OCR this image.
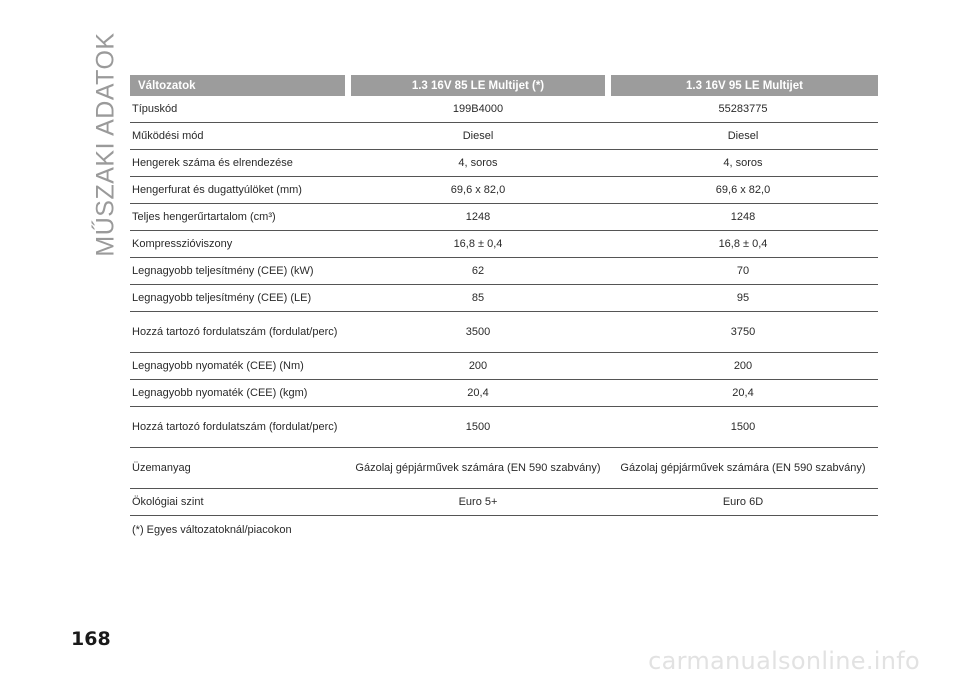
MŰSZAKI ADATOK Változatok	1.3 16V 85 LE Multijet (*)	1.3 16V 95 LE Multijet
Típuskód	199B4000	55283775
Működési mód	Diesel	Diesel
Hengerek száma és elrendezése	4, soros	4, soros
Hengerfurat és dugattyúlöket (mm)	69,6 x 82,0	69,6 x 82,0
Teljes hengerűrtartalom (cm³)	1248	1248
Kompresszióviszony	16,8 ± 0,4	16,8 ± 0,4
Legnagyobb teljesítmény (CEE) (kW)	62	70
Legnagyobb teljesítmény (CEE) (LE)	85	95
Hozzá tartozó fordulatszám (fordulat/perc)	3500	3750
Legnagyobb nyomaték (CEE) (Nm)	200	200
Legnagyobb nyomaték (CEE) (kgm)	20,4	20,4
Hozzá tartozó fordulatszám (fordulat/perc)	1500	1500
Üzemanyag	Gázolaj gépjárművek számára (EN 590 szabvány)	Gázolaj gépjárművek számára (EN 590 szabvány)
Ökológiai szint	Euro 5+	Euro 6D
(*) Egyes változatoknál/piacokon
168
carmanualsonline.info
